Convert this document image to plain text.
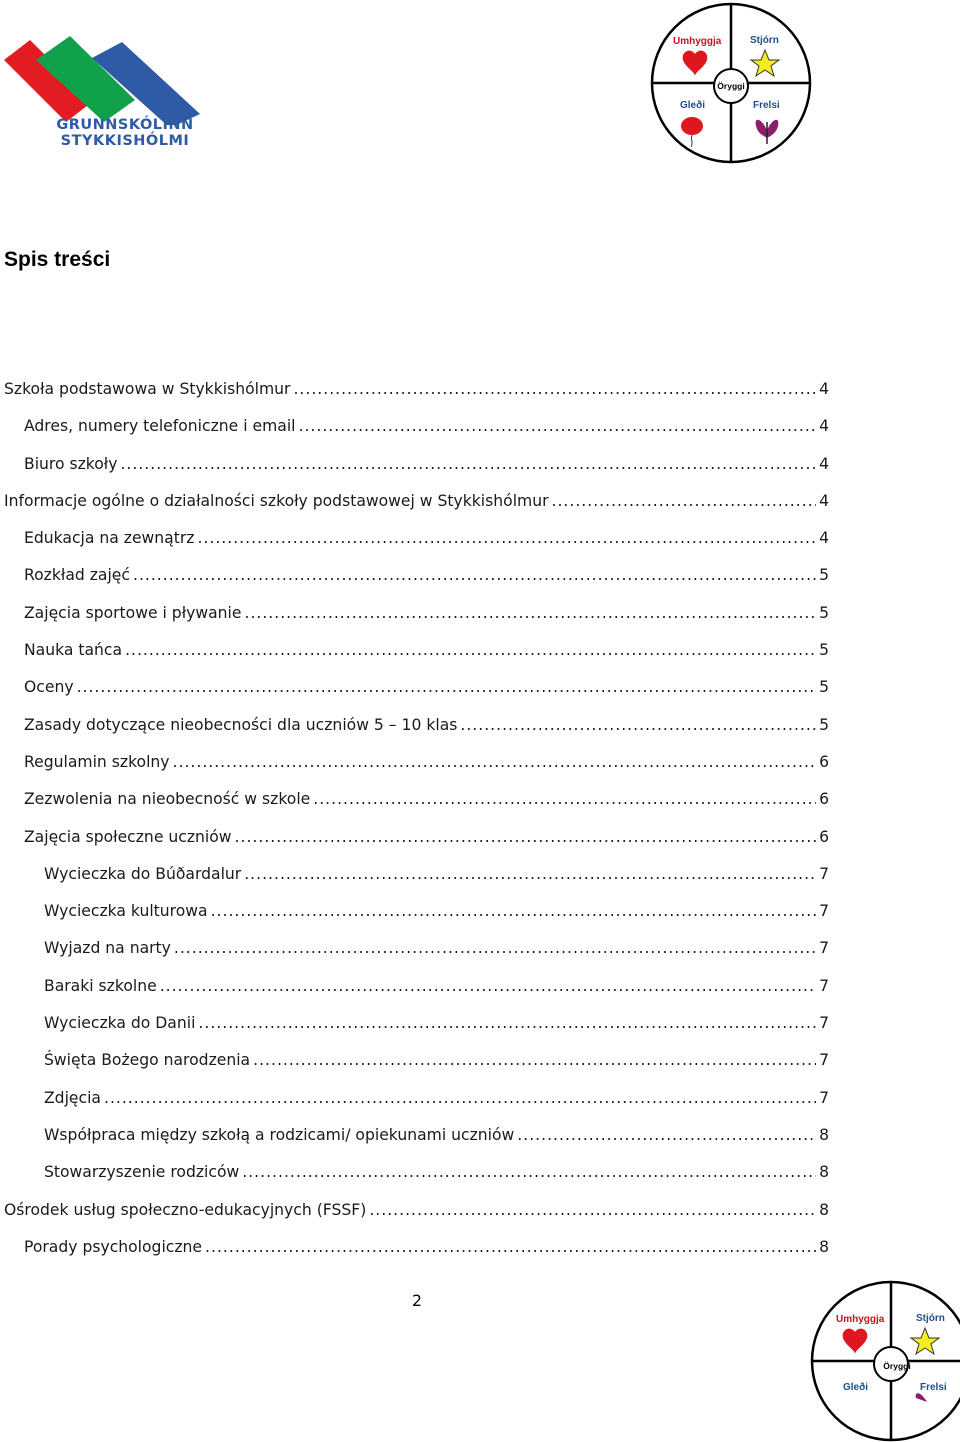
GRUNNSKÓLINN
STYKKISHÓLMI
Umhyggja	Stjórn
Öryggi
Gleði	Frelsi
Spis treści
Szkoła podstawowa w Stykkishólmur .....	4
Adres, numery telefoniczne i email .....	4
Biuro szkoły .....	4
Informacje ogólne o działalności szkoły podstawowej w Stykkishólmur .....	4
Edukacja na zewnątrz .....	4
Rozkład zajęć .....	5
Zajęcia sportowe i pływanie .....	5
Nauka tańca .....	5
Oceny .....	5
Zasady dotyczące nieobecności dla uczniów 5 – 10 klas .....	5
Regulamin szkolny .....	6
Zezwolenia na nieobecność w szkole .....	6
Zajęcia społeczne uczniów .....	6
Wycieczka do Búðardalur .....	7
Wycieczka kulturowa .....	7
Wyjazd na narty .....	7
Baraki szkolne .....	7
Wycieczka do Danii .....	7
Święta Bożego narodzenia .....	7
Zdjęcia .....	7
Współpraca między szkołą a rodzicami/ opiekunami uczniów .....	8
Stowarzyszenie rodziców .....	8
Ośrodek usług społeczno-edukacyjnych (FSSF) .....	8
Porady psychologiczne .....	8
2
Umhyggja	Stjórn
Öryggi
Gleði	Frelsi
